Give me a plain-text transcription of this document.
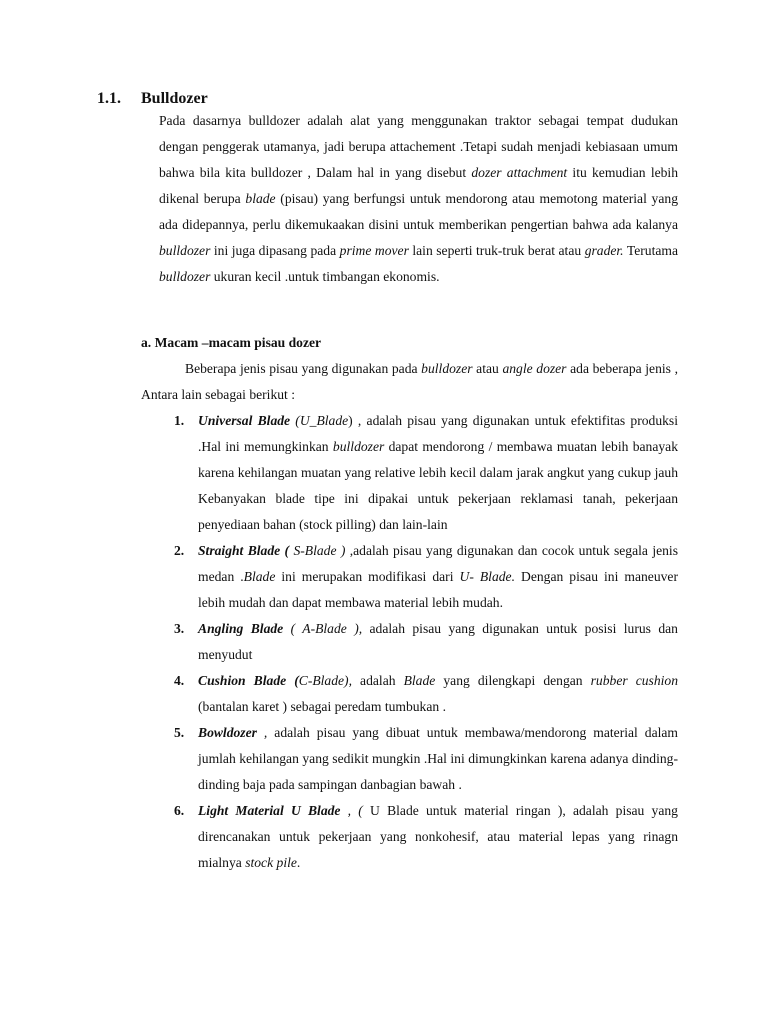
1.1. Bulldozer
Pada dasarnya bulldozer adalah alat yang menggunakan traktor sebagai tempat dudukan dengan penggerak utamanya, jadi berupa attachement .Tetapi sudah menjadi kebiasaan umum bahwa bila kita bulldozer , Dalam hal in yang disebut dozer attachment itu kemudian lebih dikenal berupa blade (pisau) yang berfungsi untuk mendorong atau memotong material yang ada didepannya, perlu dikemukaakan disini untuk memberikan pengertian bahwa ada kalanya bulldozer ini juga dipasang pada prime mover lain seperti truk-truk berat atau grader. Terutama bulldozer ukuran kecil .untuk timbangan ekonomis.
a. Macam –macam pisau dozer
Beberapa jenis pisau yang digunakan pada bulldozer atau angle dozer ada beberapa jenis , Antara lain sebagai berikut :
1. Universal Blade (U_Blade) , adalah pisau yang digunakan untuk efektifitas produksi .Hal ini memungkinkan bulldozer dapat mendorong / membawa muatan lebih banayak karena kehilangan muatan yang relative lebih kecil dalam jarak angkut yang cukup jauh Kebanyakan blade tipe ini dipakai untuk pekerjaan reklamasi tanah, pekerjaan penyediaan bahan (stock pilling) dan lain-lain
2. Straight Blade ( S-Blade ) ,adalah pisau yang digunakan dan cocok untuk segala jenis medan .Blade ini merupakan modifikasi dari U- Blade. Dengan pisau ini maneuver lebih mudah dan dapat membawa material lebih mudah.
3. Angling Blade ( A-Blade ), adalah pisau yang digunakan untuk posisi lurus dan menyudut
4. Cushion Blade (C-Blade), adalah Blade yang dilengkapi dengan rubber cushion (bantalan karet ) sebagai peredam tumbukan .
5. Bowldozer , adalah pisau yang dibuat untuk membawa/mendorong material dalam jumlah kehilangan yang sedikit mungkin .Hal ini dimungkinkan karena adanya dinding-dinding baja pada sampingan danbagian bawah .
6. Light Material U Blade , ( U Blade untuk material ringan ), adalah pisau yang direncanakan untuk pekerjaan yang nonkohesif, atau material lepas yang rinagn mialnya stock pile.
